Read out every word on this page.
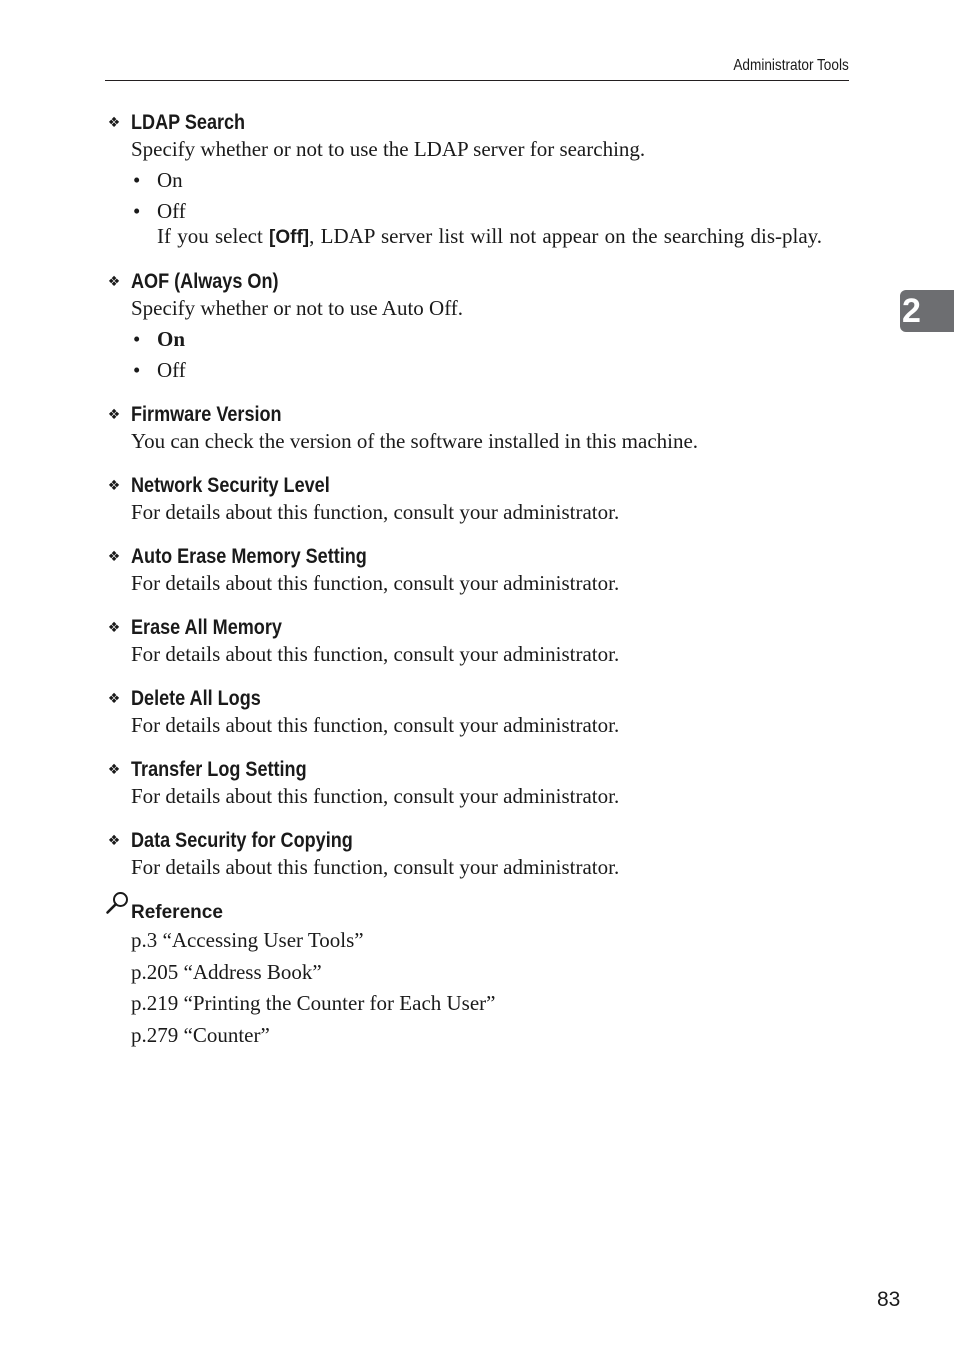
Administrator Tools
2
❖ LDAP Search
Specify whether or not to use the LDAP server for searching.
• On
• Off
If you select [Off], LDAP server list will not appear on the searching dis-play.
❖ AOF (Always On)
Specify whether or not to use Auto Off.
• On
• Off
❖ Firmware Version
You can check the version of the software installed in this machine.
❖ Network Security Level
For details about this function, consult your administrator.
❖ Auto Erase Memory Setting
For details about this function, consult your administrator.
❖ Erase All Memory
For details about this function, consult your administrator.
❖ Delete All Logs
For details about this function, consult your administrator.
❖ Transfer Log Setting
For details about this function, consult your administrator.
❖ Data Security for Copying
For details about this function, consult your administrator.
Reference
p.3 “Accessing User Tools”
p.205 “Address Book”
p.219 “Printing the Counter for Each User”
p.279 “Counter”
83
